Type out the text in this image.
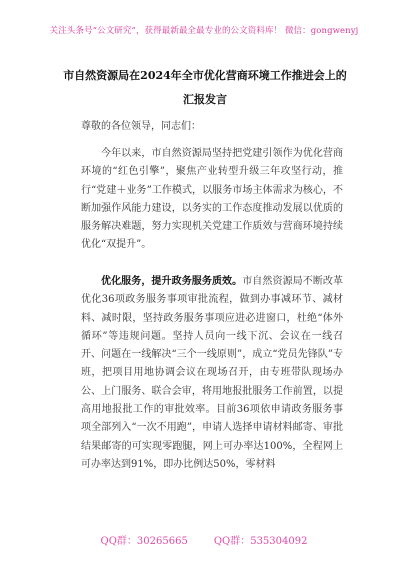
关注头条号“公文研究”，获得最新最全最专业的公文资料库！ 微信：gongwenyj
市自然资源局在2024年全市优化营商环境工作推进会上的
汇报发言
尊敬的各位领导，同志们：
今年以来，市自然资源局坚持把党建引领作为优化营商环境的“红色引擎”，聚焦产业转型升级三年攻坚行动，推行“党建＋业务”工作模式，以服务市场主体需求为核心，不断加强作风能力建设，以务实的工作态度推动发展以优质的服务解决难题，努力实现机关党建工作质效与营商环境持续优化“双提升”。
优化服务，提升政务服务质效。市自然资源局不断改革优化36项政务服务事项审批流程，做到办事减环节、减材料、减时限，坚持政务服务事项应进必进窗口，杜绝“体外循环”等违规问题。坚持人员向一线下沉、会议在一线召开、问题在一线解决“三个一线原则”，成立“党员先锋队”专班，把项目用地协调会议在现场召开，由专班带队现场办公、上门服务、联合会审，将用地报批服务工作前置，以提高用地报批工作的审批效率。目前36项依申请政务服务事项全部列入“一次不用跑”，申请人选择申请材料邮寄、审批结果邮寄的可实现零跑腿，网上可办率达100%，全程网上可办率达到91%，即办比例达50%，零材料
QQ群：30265665	QQ群：535304092
